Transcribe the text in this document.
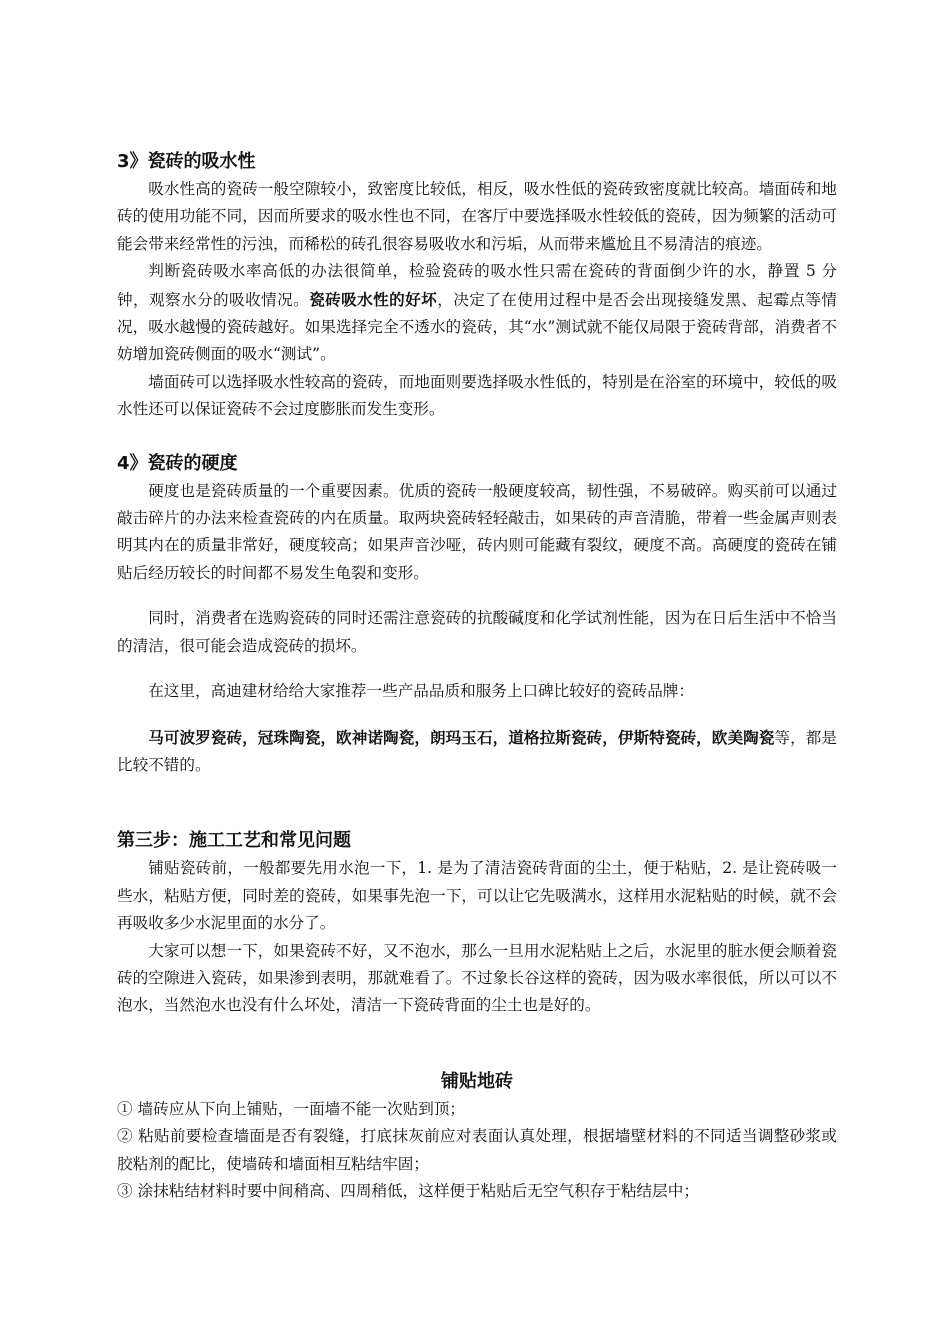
3》瓷砖的吸水性

吸水性高的瓷砖一般空隙较小，致密度比较低，相反，吸水性低的瓷砖致密度就比较高。墙面砖和地砖的使用功能不同，因而所要求的吸水性也不同，在客厅中要选择吸水性较低的瓷砖，因为频繁的活动可能会带来经常性的污浊，而稀松的砖孔很容易吸收水和污垢，从而带来尴尬且不易清洁的痕迹。

判断瓷砖吸水率高低的办法很简单，检验瓷砖的吸水性只需在瓷砖的背面倒少许的水，静置 5 分钟，观察水分的吸收情况。瓷砖吸水性的好坏，决定了在使用过程中是否会出现接缝发黑、起霉点等情况，吸水越慢的瓷砖越好。如果选择完全不透水的瓷砖，其“水”测试就不能仅局限于瓷砖背部，消费者不妨增加瓷砖侧面的吸水“测试”。

墙面砖可以选择吸水性较高的瓷砖，而地面则要选择吸水性低的，特别是在浴室的环境中，较低的吸水性还可以保证瓷砖不会过度膨胀而发生变形。

4》瓷砖的硬度

硬度也是瓷砖质量的一个重要因素。优质的瓷砖一般硬度较高，韧性强，不易破碎。购买前可以通过敲击碎片的办法来检查瓷砖的内在质量。取两块瓷砖轻轻敲击，如果砖的声音清脆，带着一些金属声则表明其内在的质量非常好，硬度较高；如果声音沙哑，砖内则可能藏有裂纹，硬度不高。高硬度的瓷砖在铺贴后经历较长的时间都不易发生龟裂和变形。

同时，消费者在选购瓷砖的同时还需注意瓷砖的抗酸碱度和化学试剂性能，因为在日后生活中不恰当的清洁，很可能会造成瓷砖的损坏。

在这里，高迪建材给给大家推荐一些产品品质和服务上口碑比较好的瓷砖品牌：

马可波罗瓷砖，冠珠陶瓷，欧神诺陶瓷，朗玛玉石，道格拉斯瓷砖，伊斯特瓷砖，欧美陶瓷等，都是比较不错的。

第三步：施工工艺和常见问题

铺贴瓷砖前，一般都要先用水泡一下，1. 是为了清洁瓷砖背面的尘土，便于粘贴，2. 是让瓷砖吸一些水，粘贴方便，同时差的瓷砖，如果事先泡一下，可以让它先吸满水，这样用水泥粘贴的时候，就不会再吸收多少水泥里面的水分了。

大家可以想一下，如果瓷砖不好，又不泡水，那么一旦用水泥粘贴上之后，水泥里的脏水便会顺着瓷砖的空隙进入瓷砖，如果渗到表明，那就难看了。不过象长谷这样的瓷砖，因为吸水率很低，所以可以不泡水，当然泡水也没有什么坏处，清洁一下瓷砖背面的尘土也是好的。

铺贴地砖

① 墙砖应从下向上铺贴，一面墙不能一次贴到顶；

② 粘贴前要检查墙面是否有裂缝，打底抹灰前应对表面认真处理，根据墙壁材料的不同适当调整砂浆或胶粘剂的配比，使墙砖和墙面相互粘结牢固；

③ 涂抹粘结材料时要中间稍高、四周稍低，这样便于粘贴后无空气积存于粘结层中；
